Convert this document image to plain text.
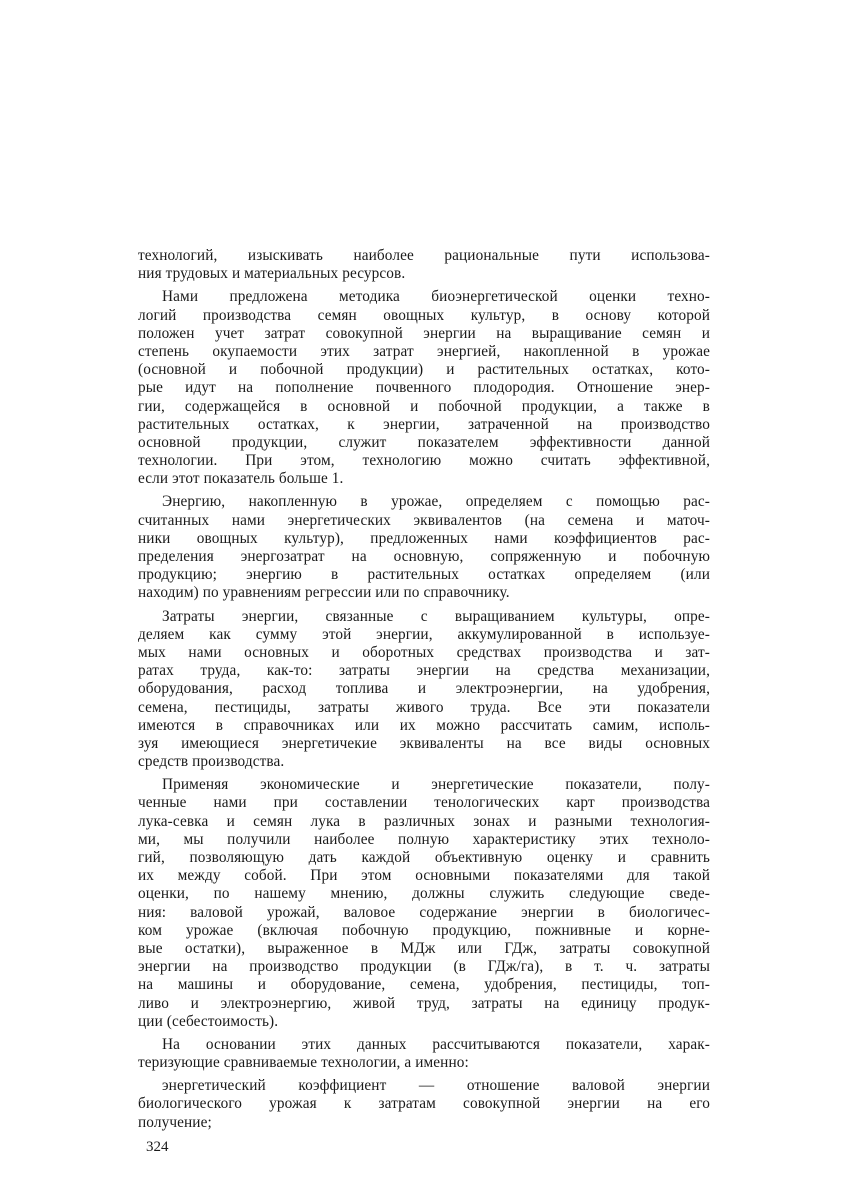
технологий, изыскивать наиболее рациональные пути использова-
ния трудовых и материальных ресурсов.
Нами предложена методика биоэнергетической оценки техно-
логий производства семян овощных культур, в основу которой
положен учет затрат совокупной энергии на выращивание семян и
степень окупаемости этих затрат энергией, накопленной в урожае
(основной и побочной продукции) и растительных остатках, кото-
рые идут на пополнение почвенного плодородия. Отношение энер-
гии, содержащейся в основной и побочной продукции, а также в
растительных остатках, к энергии, затраченной на производство
основной продукции, служит показателем эффективности данной
технологии. При этом, технологию можно считать эффективной,
если этот показатель больше 1.
Энергию, накопленную в урожае, определяем с помощью рас-
считанных нами энергетических эквивалентов (на семена и маточ-
ники овощных культур), предложенных нами коэффициентов рас-
пределения энергозатрат на основную, сопряженную и побочную
продукцию; энергию в растительных остатках определяем (или
находим) по уравнениям регрессии или по справочнику.
Затраты энергии, связанные с выращиванием культуры, опре-
деляем как сумму этой энергии, аккумулированной в используе-
мых нами основных и оборотных средствах производства и зат-
ратах труда, как-то: затраты энергии на средства механизации,
оборудования, расход топлива и электроэнергии, на удобрения,
семена, пестициды, затраты живого труда. Все эти показатели
имеются в справочниках или их можно рассчитать самим, исполь-
зуя имеющиеся энергетичекие эквиваленты на все виды основных
средств производства.
Применяя экономические и энергетические показатели, полу-
ченные нами при составлении тенологических карт производства
лука-севка и семян лука в различных зонах и разными технология-
ми, мы получили наиболее полную характеристику этих техноло-
гий, позволяющую дать каждой объективную оценку и сравнить
их между собой. При этом основными показателями для такой
оценки, по нашему мнению, должны служить следующие сведе-
ния: валовой урожай, валовое содержание энергии в биологичес-
ком урожае (включая побочную продукцию, пожнивные и корне-
вые остатки), выраженное в МДж или ГДж, затраты совокупной
энергии на производство продукции (в ГДж/га), в т. ч. затраты
на машины и оборудование, семена, удобрения, пестициды, топ-
ливо и электроэнергию, живой труд, затраты на единицу продук-
ции (себестоимость).
На основании этих данных рассчитываются показатели, харак-
теризующие сравниваемые технологии, а именно:
энергетический коэффициент — отношение валовой энергии
биологического урожая к затратам совокупной энергии на его
получение;
324
